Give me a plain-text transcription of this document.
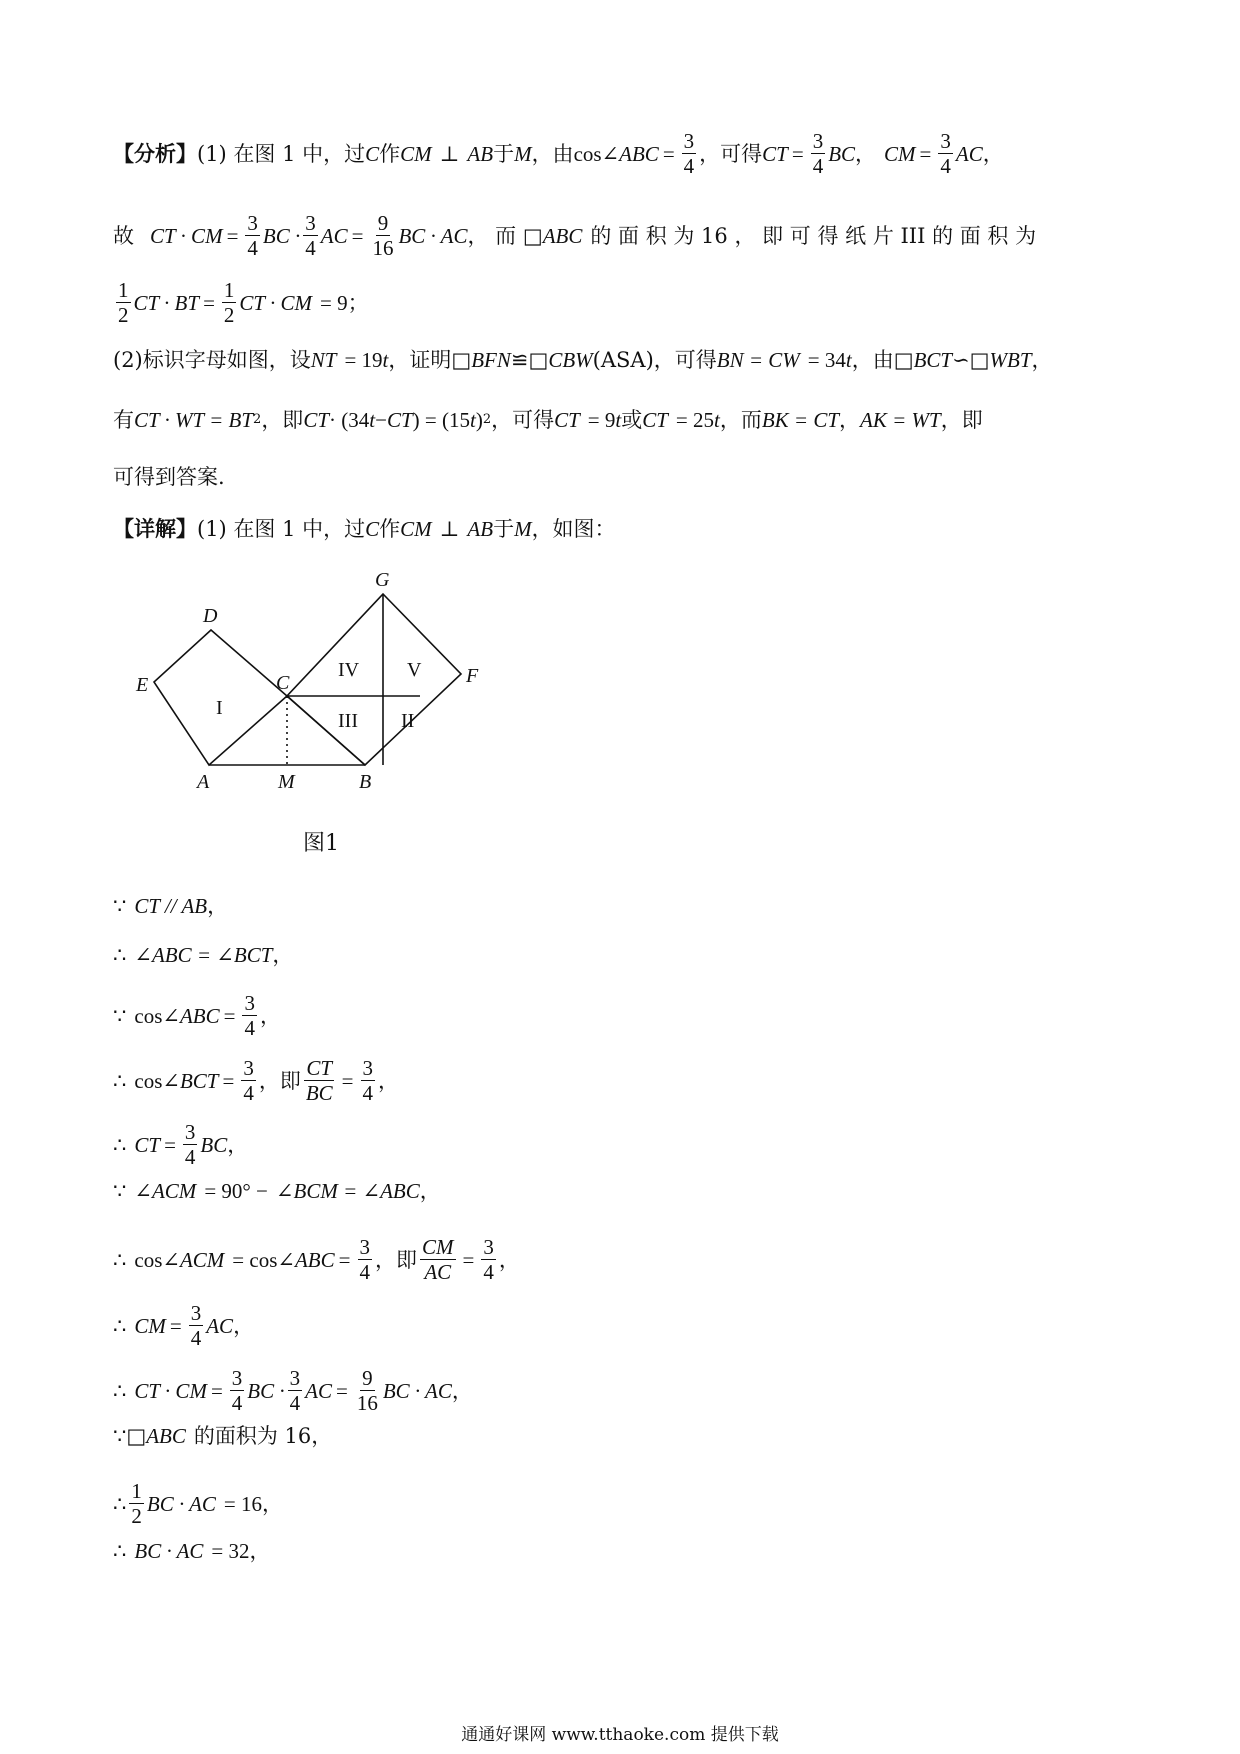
【分析】 (1) 在图 1 中，过 C 作 CM ⊥ AB 于 M ，由 cos∠ ABC = $\frac{3}{4}$ ，可得 CT = $\frac{3}{4}$ BC ， CM = $\frac{3}{4}$ AC ，
故 CT · CM = $\frac{3}{4}$ BC · $\frac{3}{4}$ AC = $\frac{9}{16}$ BC · AC ， 而 □ ABC 的 面 积 为 16 ， 即 可 得 纸 片 III 的 面 积 为
$\frac{1}{2}$ CT · BT = $\frac{1}{2}$ CT · CM = 9；
(2)标识字母如图，设 NT = 19 t ，证明□ BFN ≌□ CBW (ASA)，可得 BN = CW = 34 t ，由□ BCT ∽□ WBT ，
有 CT · WT = BT 2 ，即 CT · (34 t − CT ) = (15 t ) 2 ，可得 CT = 9 t 或 CT = 25 t ，而 BK = CT ， AK = WT ，即
可得到答案.
【详解】 (1) 在图 1 中，过 C 作 CM ⊥ AB 于 M ，如图：
G
D
C	F
E
A	M	B
I
IV V
III II
图1
∵ CT // AB ，
∴ ∠ABC = ∠BCT ，
∵ cos∠ ABC = $\frac{3}{4}$ ，
∴ cos∠ BCT = $\frac{3}{4}$ ，即 $\frac{CT}{BC} = \frac{3}{4}$ ，
∴ CT = $\frac{3}{4}$ BC ，
∵ ∠ACM = 90° − ∠BCM = ∠ABC ，
∴ cos∠ ACM = cos∠ ABC = $\frac{3}{4}$ ，即 $\frac{CM}{AC} = \frac{3}{4}$ ，
∴ CM = $\frac{3}{4}$ AC ，
∴ CT · CM = $\frac{3}{4}$ BC · $\frac{3}{4}$ AC = $\frac{9}{16}$ BC · AC ，
∵□ ABC 的面积为 16，
∴ $\frac{1}{2}$ BC · AC = 16，
∴ BC · AC = 32，
通通好课网 www.tthaoke.com 提供下载
